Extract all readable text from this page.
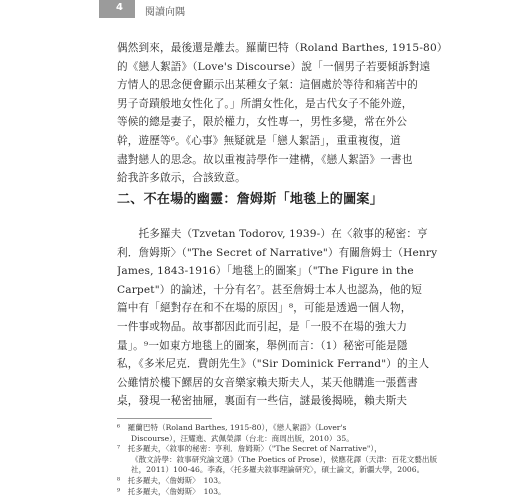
4 閱讀向隅
偶然到來，最後還是離去。羅蘭巴特（Roland Barthes, 1915-80）
的《戀人絮語》（Love's Discourse）說「一個男子若要傾訴對遠
方情人的思念便會顯示出某種女子氣：這個處於等待和痛苦中的
男子奇蹟般地女性化了。」所謂女性化，是古代女子不能外遊，
等候的總是妻子，限於權力，女性專一，男性多變，常在外公
幹，遊歷等⁶。《心事》無疑就是「戀人絮語」，重重複復，道
盡對戀人的思念。故以重複詩學作一建構，《戀人絮語》一書也
給我許多啟示，合該致意。
二、不在場的幽靈：詹姆斯「地毯上的圖案」
　　托多羅夫（Tzvetan Todorov, 1939-）在〈敘事的秘密：亨
利．詹姆斯〉（"The Secret of Narrative"）有關詹姆士（Henry
James, 1843-1916）「地毯上的圖案」（"The Figure in the
Carpet"）的論述，十分有名⁷。甚至詹姆士本人也認為，他的短
篇中有「絕對存在和不在場的原因」⁸，可能是透過一個人物，
一件事或物品。故事都因此而引起，是「一股不在場的強大力
量」。⁹一如東方地毯上的圖案，舉例而言：（1）秘密可能是隱
私，《多米尼克．費朗先生》（"Sir Dominick Ferrand"）的主人
公雖情於樓下鰥居的女音樂家賴夫斯夫人，某天他購進一張舊書
桌，發現一秘密抽屜，裏面有一些信，謎最後揭曉，賴夫斯夫
⁶　羅蘭巴特（Roland Barthes, 1915-80），《戀人絮語》（Lover's
Discourse），汪耀進、武佩榮譯（台北：商周出版，2010）35。
⁷　托多羅夫，〈敘事的秘密：亨利．詹姆斯〉（"The Secret of Narrative"），
《散文詩學：敘事研究論文選》（The Poetics of Prose），侯應花譯（天津：百花文藝出版社，2011）100-46。李森，〈托多羅夫敘事理論研究〉，碩士論文，新疆大學，2006。
⁸　托多羅夫，〈詹姆斯〉　103。
⁹　托多羅夫，〈詹姆斯〉　103。
